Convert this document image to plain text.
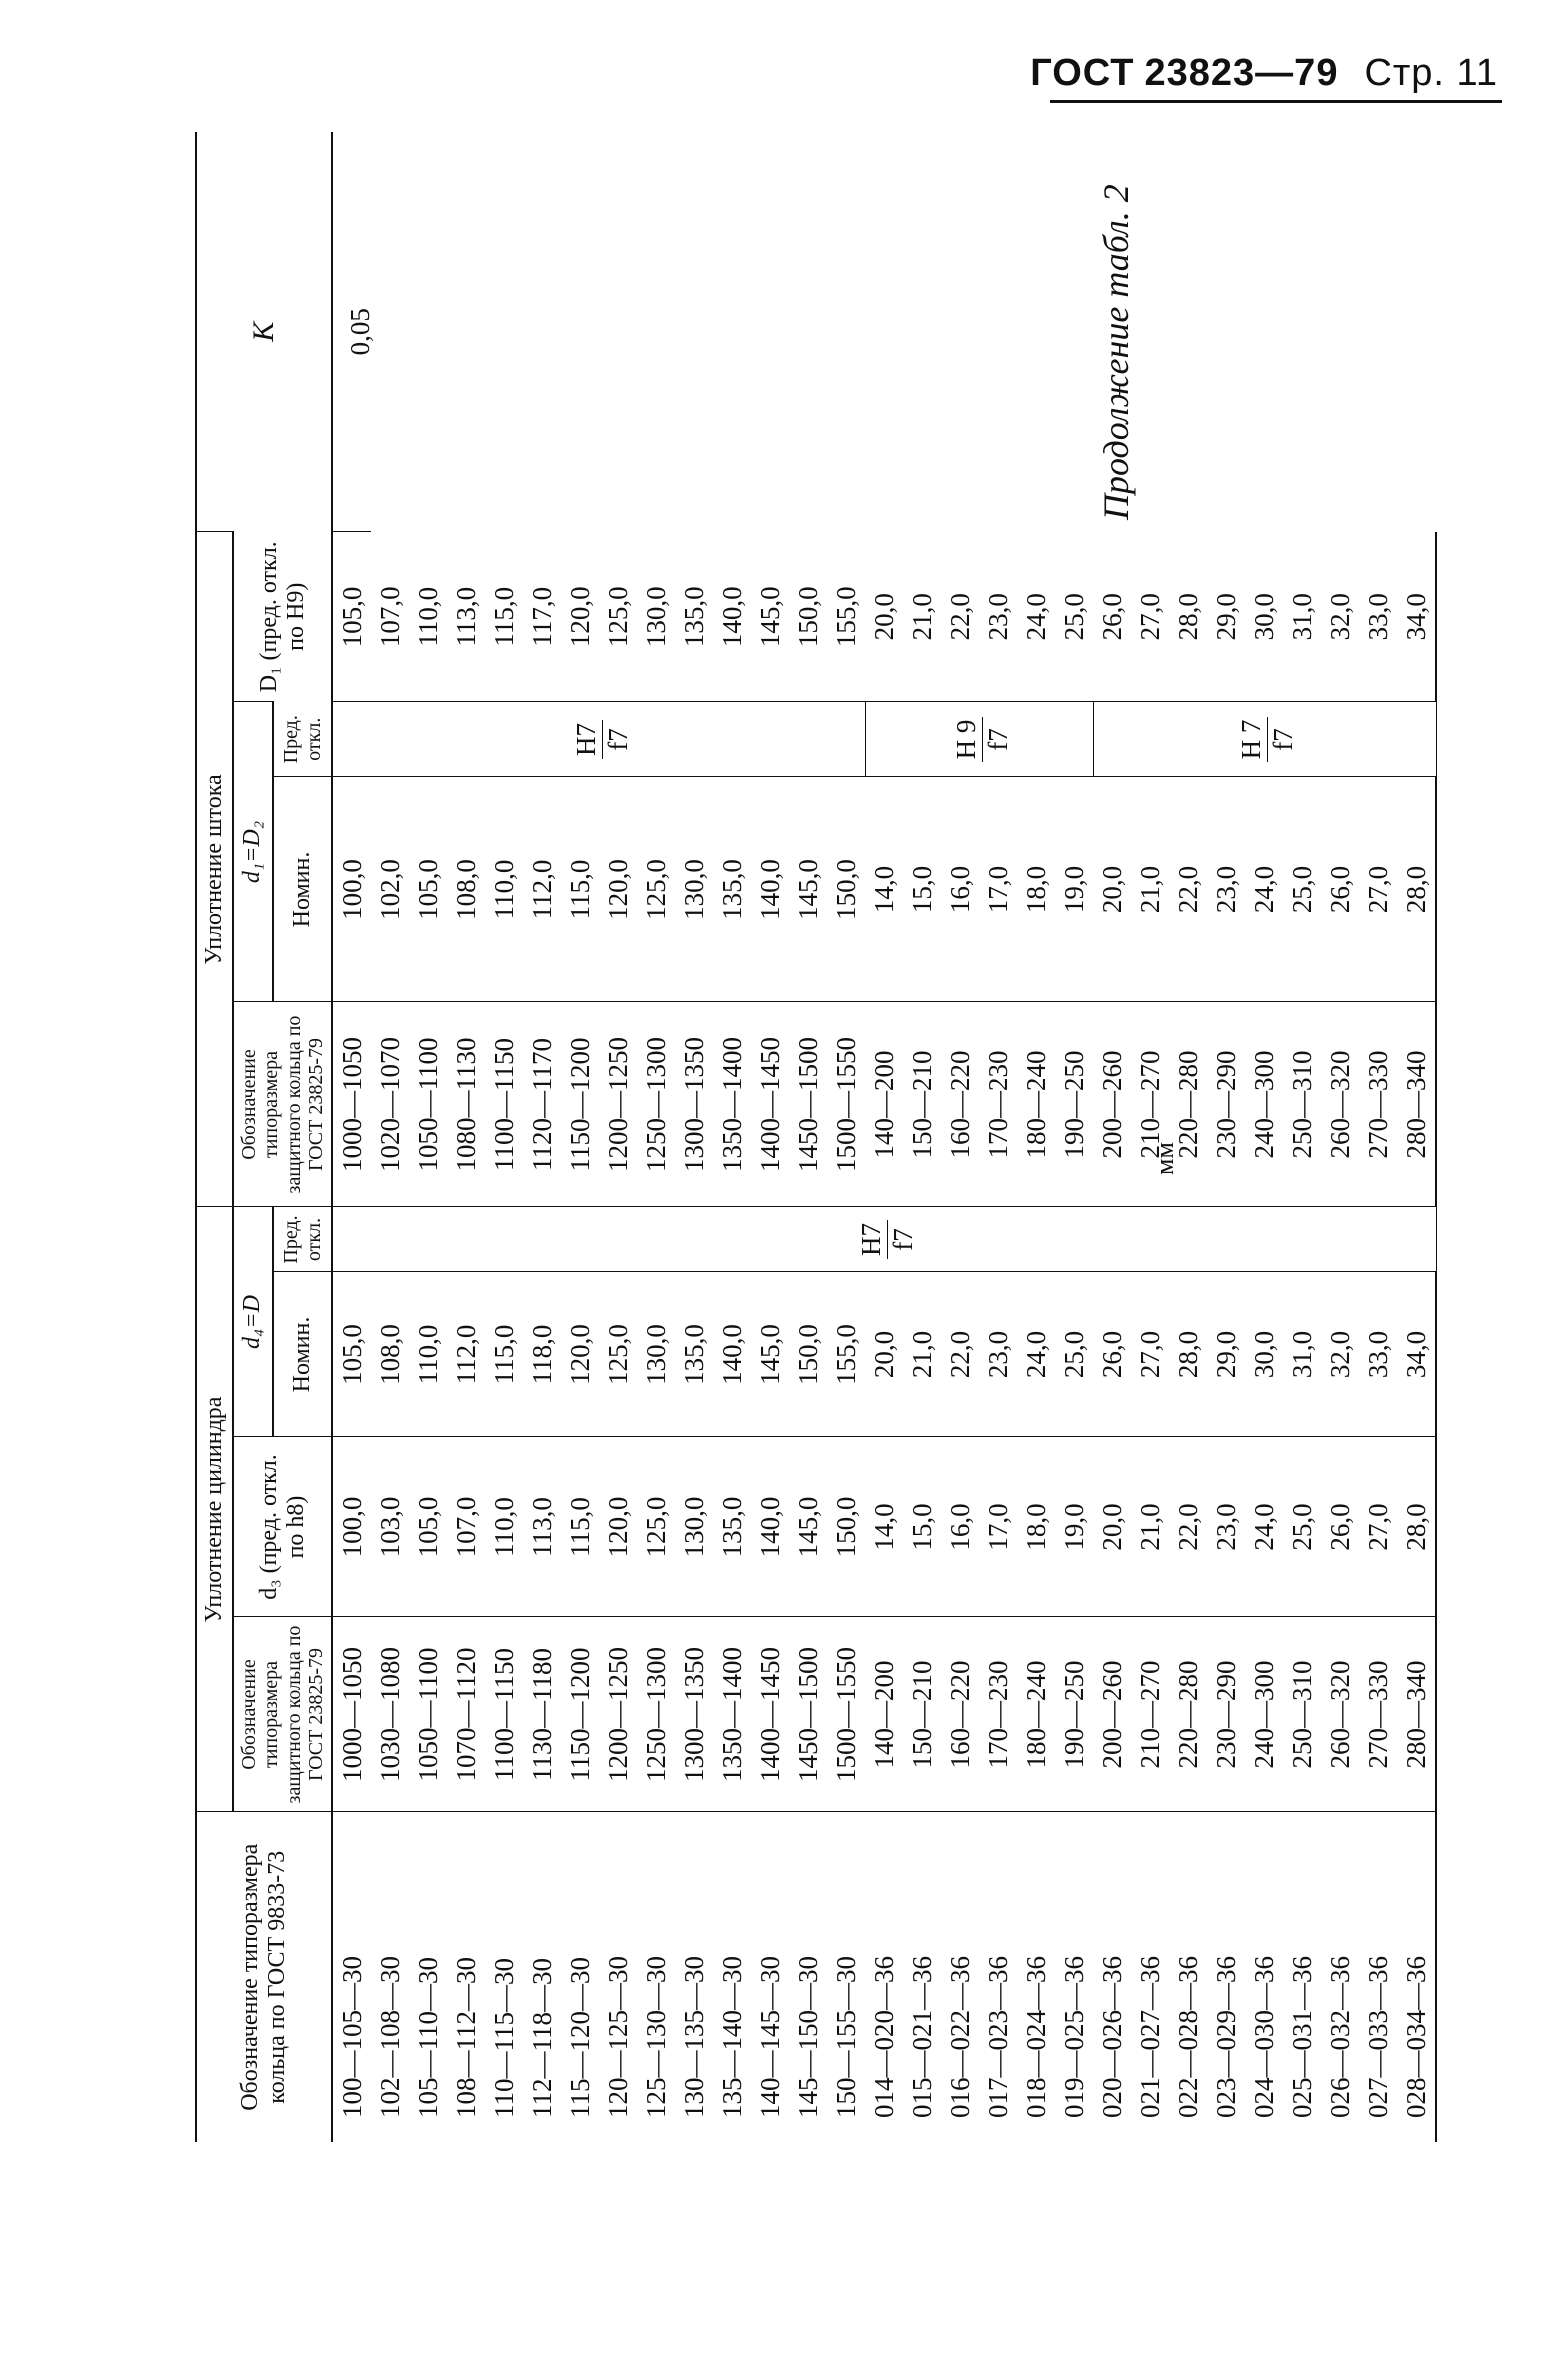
ГОСТ 23823—79 Стр. 11
Продолжение табл. 2
мм
Обозначение типоразмера кольца по ГОСТ 9833-73	Уплотнение цилиндра				Уплотнение штока				K
	Обозначение типоразмера защитного кольца по ГОСТ 23825-79	d₃ (пред. откл. по h8)	d₄=D		Обозначение типоразмера защитного кольца по ГОСТ 23825-79	d₁=D₂		D₁ (пред. откл. по H9)	
			Номин.	Пред. откл.		Номин.	Пред. откл.		
100—105—30	1000—1050	100,0	105,0	H7 f7	1000—1050	100,0	H7 f7	105,0	0,05
102—108—30	1030—1080	103,0	108,0		1020—1070	102,0		107,0	
105—110—30	1050—1100	105,0	110,0		1050—1100	105,0		110,0	
108—112—30	1070—1120	107,0	112,0		1080—1130	108,0		113,0	
110—115—30	1100—1150	110,0	115,0		1100—1150	110,0		115,0	
112—118—30	1130—1180	113,0	118,0		1120—1170	112,0		117,0	
115—120—30	1150—1200	115,0	120,0		1150—1200	115,0		120,0	
120—125—30	1200—1250	120,0	125,0		1200—1250	120,0		125,0	
125—130—30	1250—1300	125,0	130,0		1250—1300	125,0		130,0	
130—135—30	1300—1350	130,0	135,0		1300—1350	130,0		135,0	
135—140—30	1350—1400	135,0	140,0		1350—1400	135,0		140,0	
140—145—30	1400—1450	140,0	145,0		1400—1450	140,0		145,0	
145—150—30	1450—1500	145,0	150,0		1450—1500	145,0		150,0	
150—155—30	1500—1550	150,0	155,0		1500—1550	150,0		155,0	
014—020—36	140—200	14,0	20,0		140—200	14,0	H 9 f7	20,0	
015—021—36	150—210	15,0	21,0		150—210	15,0		21,0	
016—022—36	160—220	16,0	22,0		160—220	16,0		22,0	
017—023—36	170—230	17,0	23,0		170—230	17,0		23,0	
018—024—36	180—240	18,0	24,0		180—240	18,0		24,0	
019—025—36	190—250	19,0	25,0		190—250	19,0		25,0	
020—026—36	200—260	20,0	26,0		200—260	20,0	H 7 f7	26,0	
021—027—36	210—270	21,0	27,0		210—270	21,0		27,0	
022—028—36	220—280	22,0	28,0		220—280	22,0		28,0	
023—029—36	230—290	23,0	29,0		230—290	23,0		29,0	
024—030—36	240—300	24,0	30,0		240—300	24,0		30,0	
025—031—36	250—310	25,0	31,0		250—310	25,0		31,0	
026—032—36	260—320	26,0	32,0		260—320	26,0		32,0	
027—033—36	270—330	27,0	33,0		270—330	27,0		33,0	
028—034—36	280—340	28,0	34,0		280—340	28,0		34,0	
